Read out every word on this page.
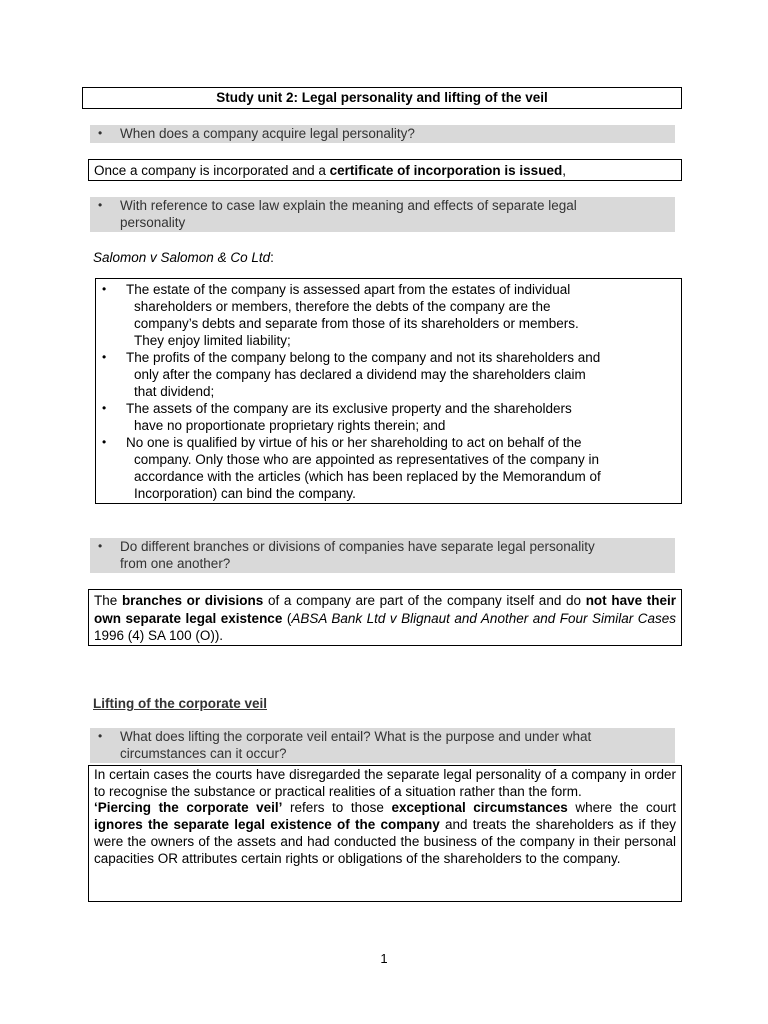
Study unit 2: Legal personality and lifting of the veil
•	When does a company acquire legal personality?
Once a company is incorporated and a certificate of incorporation is issued,
•	With reference to case law explain the meaning and effects of separate legal
personality
Salomon v Salomon & Co Ltd:
•	The estate of the company is assessed apart from the estates of individual
shareholders or members, therefore the debts of the company are the
company’s debts and separate from those of its shareholders or members.
They enjoy limited liability;
•	The profits of the company belong to the company and not its shareholders and
only after the company has declared a dividend may the shareholders claim
that dividend;
•	The assets of the company are its exclusive property and the shareholders
have no proportionate proprietary rights therein; and
•	No one is qualified by virtue of his or her shareholding to act on behalf of the
company. Only those who are appointed as representatives of the company in
accordance with the articles (which has been replaced by the Memorandum of
Incorporation) can bind the company.
•	Do different branches or divisions of companies have separate legal personality
from one another?
The branches or divisions of a company are part of the company itself and do not have their own separate legal existence (ABSA Bank Ltd v Blignaut and Another and Four Similar Cases 1996 (4) SA 100 (O)).
Lifting of the corporate veil
•	What does lifting the corporate veil entail? What is the purpose and under what
circumstances can it occur?
In certain cases the courts have disregarded the separate legal personality of a company in order to recognise the substance or practical realities of a situation rather than the form.
‘Piercing the corporate veil’ refers to those exceptional circumstances where the court ignores the separate legal existence of the company and treats the shareholders as if they were the owners of the assets and had conducted the business of the company in their personal capacities OR attributes certain rights or obligations of the shareholders to the company.
1
